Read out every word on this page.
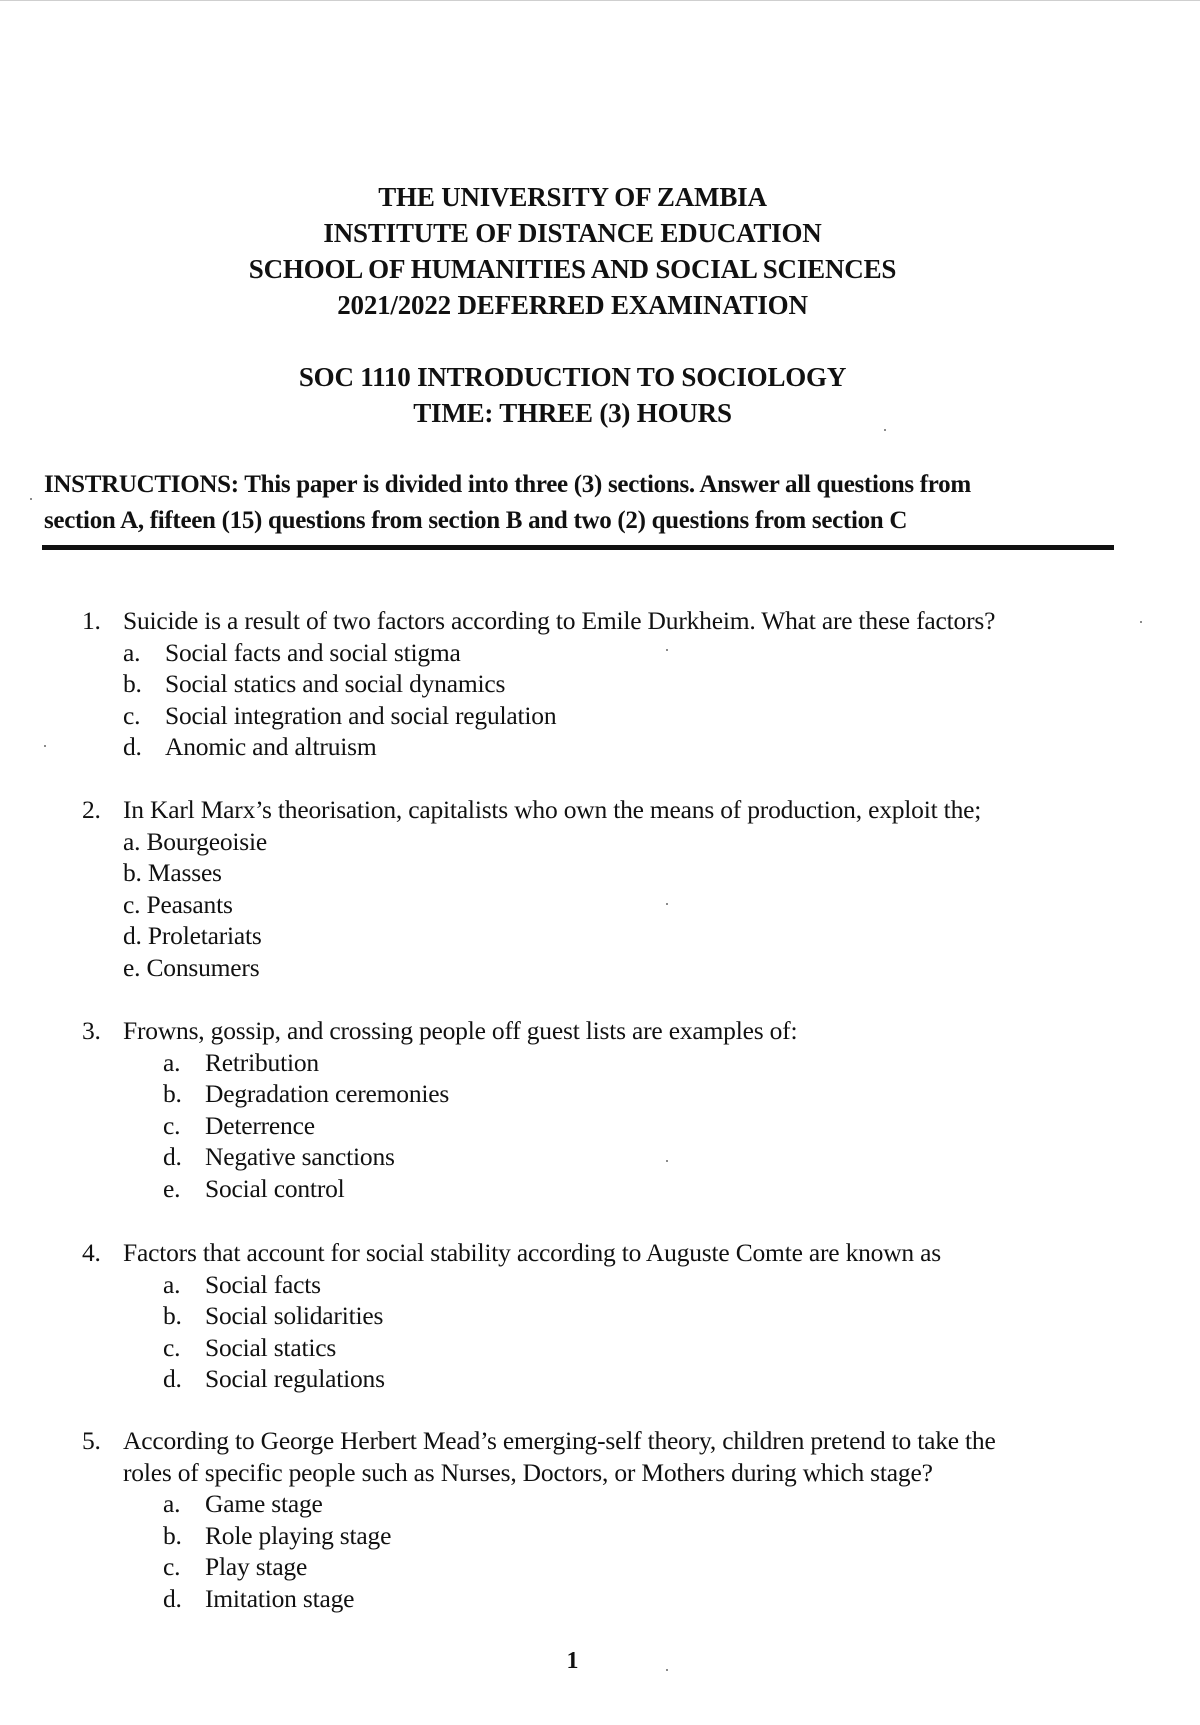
THE UNIVERSITY OF ZAMBIA
INSTITUTE OF DISTANCE EDUCATION
SCHOOL OF HUMANITIES AND SOCIAL SCIENCES
2021/2022 DEFERRED EXAMINATION
SOC 1110 INTRODUCTION TO SOCIOLOGY
TIME: THREE (3) HOURS
INSTRUCTIONS: This paper is divided into three (3) sections. Answer all questions from
section A, fifteen (15) questions from section B and two (2) questions from section C
1. Suicide is a result of two factors according to Emile Durkheim. What are these factors?
a. Social facts and social stigma
b. Social statics and social dynamics
c. Social integration and social regulation
d. Anomic and altruism
2. In Karl Marx’s theorisation, capitalists who own the means of production, exploit the;
a. Bourgeoisie
b. Masses
c. Peasants
d. Proletariats
e. Consumers
3. Frowns, gossip, and crossing people off guest lists are examples of:
a. Retribution
b. Degradation ceremonies
c. Deterrence
d. Negative sanctions
e. Social control
4. Factors that account for social stability according to Auguste Comte are known as
a. Social facts
b. Social solidarities
c. Social statics
d. Social regulations
5. According to George Herbert Mead’s emerging-self theory, children pretend to take the
roles of specific people such as Nurses, Doctors, or Mothers during which stage?
a. Game stage
b. Role playing stage
c. Play stage
d. Imitation stage
1
